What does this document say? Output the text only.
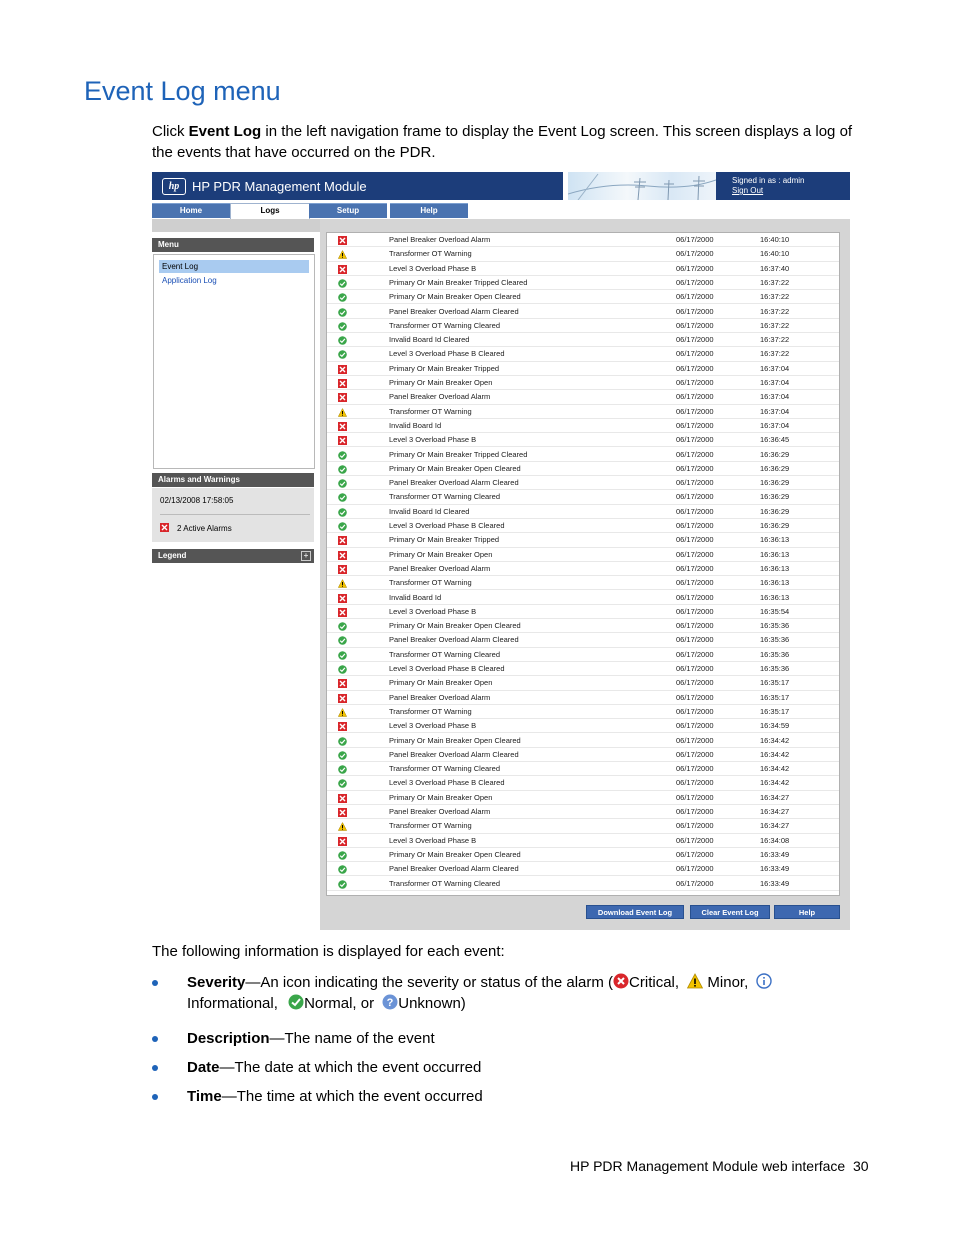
Event Log menu
Click Event Log in the left navigation frame to display the Event Log screen. This screen displays a log of the events that have occurred on the PDR.
hp HP PDR Management Module	Signed in as : admin
Sign Out
Home	Logs	Setup	Help
Menu
Event Log
Application Log
Alarms and Warnings
02/13/2008 17:58:05
2 Active Alarms
Legend	+
Panel Breaker Overload Alarm	06/17/2000	16:40:10
Transformer OT Warning	06/17/2000	16:40:10
Level 3 Overload Phase B	06/17/2000	16:37:40
Primary Or Main Breaker Tripped Cleared	06/17/2000	16:37:22
Primary Or Main Breaker Open Cleared	06/17/2000	16:37:22
Panel Breaker Overload Alarm Cleared	06/17/2000	16:37:22
Transformer OT Warning Cleared	06/17/2000	16:37:22
Invalid Board Id Cleared	06/17/2000	16:37:22
Level 3 Overload Phase B Cleared	06/17/2000	16:37:22
Primary Or Main Breaker Tripped	06/17/2000	16:37:04
Primary Or Main Breaker Open	06/17/2000	16:37:04
Panel Breaker Overload Alarm	06/17/2000	16:37:04
Transformer OT Warning	06/17/2000	16:37:04
Invalid Board Id	06/17/2000	16:37:04
Level 3 Overload Phase B	06/17/2000	16:36:45
Primary Or Main Breaker Tripped Cleared	06/17/2000	16:36:29
Primary Or Main Breaker Open Cleared	06/17/2000	16:36:29
Panel Breaker Overload Alarm Cleared	06/17/2000	16:36:29
Transformer OT Warning Cleared	06/17/2000	16:36:29
Invalid Board Id Cleared	06/17/2000	16:36:29
Level 3 Overload Phase B Cleared	06/17/2000	16:36:29
Primary Or Main Breaker Tripped	06/17/2000	16:36:13
Primary Or Main Breaker Open	06/17/2000	16:36:13
Panel Breaker Overload Alarm	06/17/2000	16:36:13
Transformer OT Warning	06/17/2000	16:36:13
Invalid Board Id	06/17/2000	16:36:13
Level 3 Overload Phase B	06/17/2000	16:35:54
Primary Or Main Breaker Open Cleared	06/17/2000	16:35:36
Panel Breaker Overload Alarm Cleared	06/17/2000	16:35:36
Transformer OT Warning Cleared	06/17/2000	16:35:36
Level 3 Overload Phase B Cleared	06/17/2000	16:35:36
Primary Or Main Breaker Open	06/17/2000	16:35:17
Panel Breaker Overload Alarm	06/17/2000	16:35:17
Transformer OT Warning	06/17/2000	16:35:17
Level 3 Overload Phase B	06/17/2000	16:34:59
Primary Or Main Breaker Open Cleared	06/17/2000	16:34:42
Panel Breaker Overload Alarm Cleared	06/17/2000	16:34:42
Transformer OT Warning Cleared	06/17/2000	16:34:42
Level 3 Overload Phase B Cleared	06/17/2000	16:34:42
Primary Or Main Breaker Open	06/17/2000	16:34:27
Panel Breaker Overload Alarm	06/17/2000	16:34:27
Transformer OT Warning	06/17/2000	16:34:27
Level 3 Overload Phase B	06/17/2000	16:34:08
Primary Or Main Breaker Open Cleared	06/17/2000	16:33:49
Panel Breaker Overload Alarm Cleared	06/17/2000	16:33:49
Transformer OT Warning Cleared	06/17/2000	16:33:49
Download Event Log	Clear Event Log	Help
The following information is displayed for each event:
Severity—An icon indicating the severity or status of the alarm ( Critical, Minor,
Informational, Normal, or ? Unknown)
Description—The name of the event
Date—The date at which the event occurred
Time—The time at which the event occurred
HP PDR Management Module web interface 30
